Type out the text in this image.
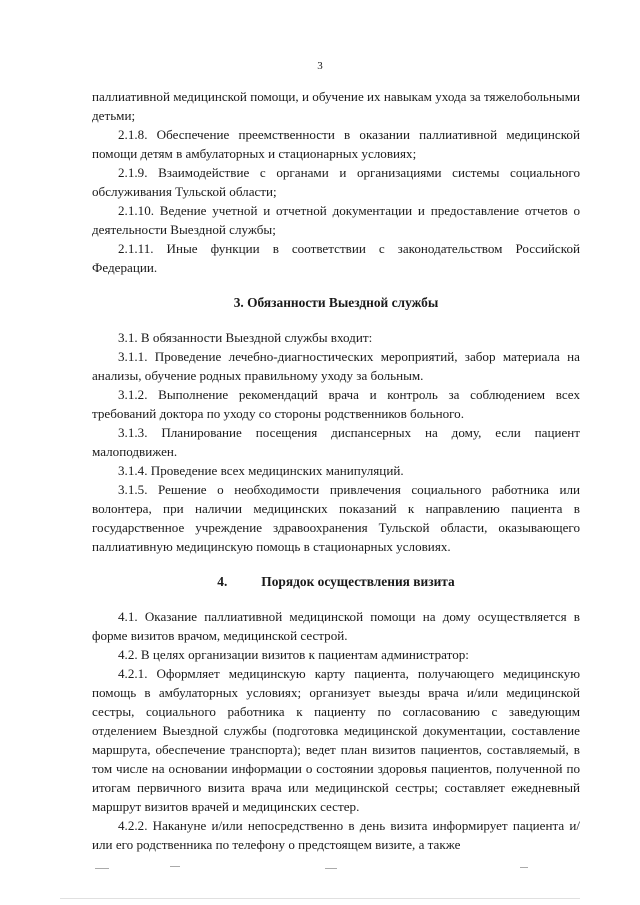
3

паллиативной медицинской помощи, и обучение их навыкам ухода за тяжелобольными детьми;

2.1.8. Обеспечение преемственности в оказании паллиативной медицинской помощи детям в амбулаторных и стационарных условиях;

2.1.9. Взаимодействие с органами и организациями системы социального обслуживания Тульской области;

2.1.10. Ведение учетной и отчетной документации и предоставление отчетов о деятельности Выездной службы;

2.1.11. Иные функции в соответствии с законодательством Российской Федерации.

3. Обязанности Выездной службы

3.1. В обязанности Выездной службы входит:

3.1.1. Проведение лечебно-диагностических мероприятий, забор материала на анализы, обучение родных правильному уходу за больным.

3.1.2. Выполнение рекомендаций врача и контроль за соблюдением всех требований доктора по уходу со стороны родственников больного.

3.1.3. Планирование посещения диспансерных на дому, если пациент малоподвижен.

3.1.4. Проведение всех медицинских манипуляций.

3.1.5. Решение о необходимости привлечения социального работника или волонтера, при наличии медицинских показаний к направлению пациента в государственное учреждение здравоохранения Тульской области, оказывающего паллиативную медицинскую помощь в стационарных условиях.

4.	Порядок осуществления визита

4.1. Оказание паллиативной медицинской помощи на дому осуществляется в форме визитов врачом, медицинской сестрой.

4.2. В целях организации визитов к пациентам администратор:

4.2.1. Оформляет медицинскую карту пациента, получающего медицинскую помощь в амбулаторных условиях; организует выезды врача и/или медицинской сестры, социального работника к пациенту по согласованию с заведующим отделением Выездной службы (подготовка медицинской документации, составление маршрута, обеспечение транспорта); ведет план визитов пациентов, составляемый, в том числе на основании информации о состоянии здоровья пациентов, полученной по итогам первичного визита врача или медицинской сестры; составляет ежедневный маршрут визитов врачей и медицинских сестер.

4.2.2. Накануне и/или непосредственно в день визита информирует пациента и/или его родственника по телефону о предстоящем визите, а также
